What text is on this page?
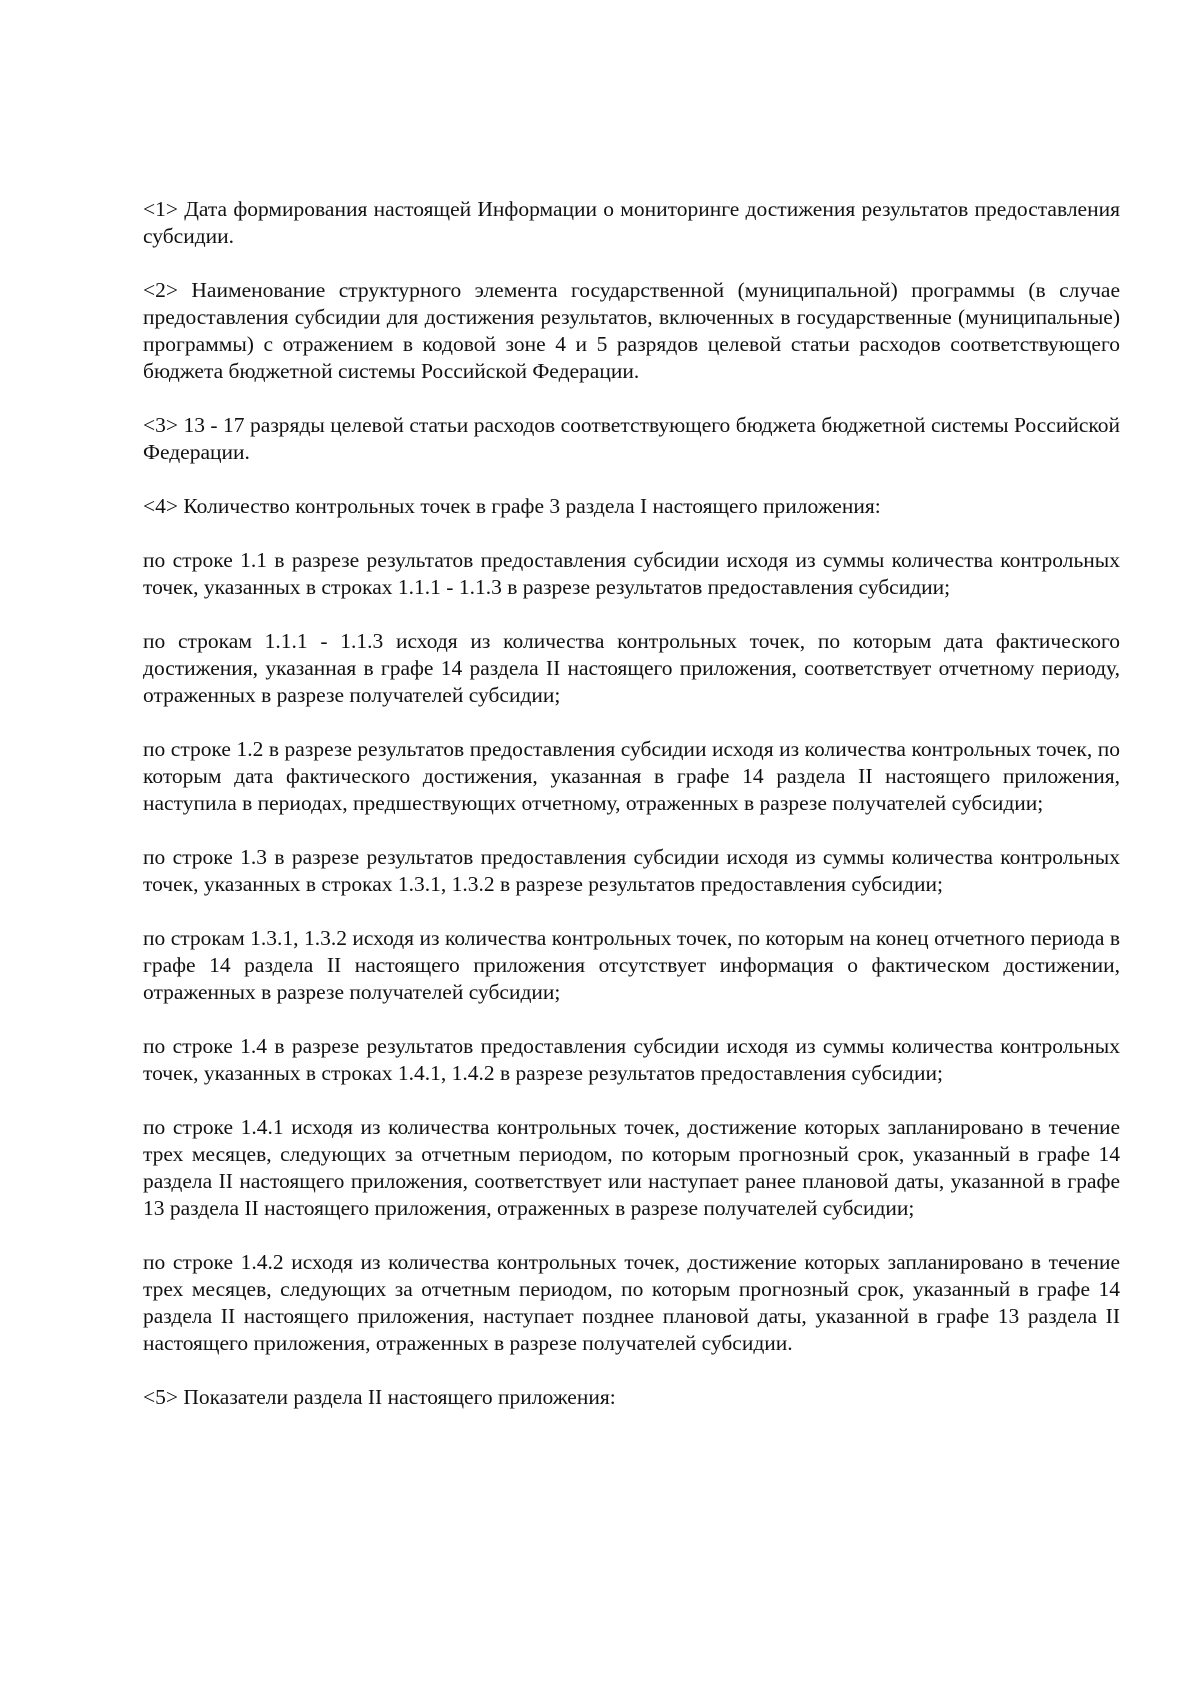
<1> Дата формирования настоящей Информации о мониторинге достижения результатов предоставления субсидии.

<2> Наименование структурного элемента государственной (муниципальной) программы (в случае предоставления субсидии для достижения результатов, включенных в государственные (муниципальные) программы) с отражением в кодовой зоне 4 и 5 разрядов целевой статьи расходов соответствующего бюджета бюджетной системы Российской Федерации.

<3> 13 - 17 разряды целевой статьи расходов соответствующего бюджета бюджетной системы Российской Федерации.

<4> Количество контрольных точек в графе 3 раздела I настоящего приложения:

по строке 1.1 в разрезе результатов предоставления субсидии исходя из суммы количества контрольных точек, указанных в строках 1.1.1 - 1.1.3 в разрезе результатов предоставления субсидии;

по строкам 1.1.1 - 1.1.3 исходя из количества контрольных точек, по которым дата фактического достижения, указанная в графе 14 раздела II настоящего приложения, соответствует отчетному периоду, отраженных в разрезе получателей субсидии;

по строке 1.2 в разрезе результатов предоставления субсидии исходя из количества контрольных точек, по которым дата фактического достижения, указанная в графе 14 раздела II настоящего приложения, наступила в периодах, предшествующих отчетному, отраженных в разрезе получателей субсидии;

по строке 1.3 в разрезе результатов предоставления субсидии исходя из суммы количества контрольных точек, указанных в строках 1.3.1, 1.3.2 в разрезе результатов предоставления субсидии;

по строкам 1.3.1, 1.3.2 исходя из количества контрольных точек, по которым на конец отчетного периода в графе 14 раздела II настоящего приложения отсутствует информация о фактическом достижении, отраженных в разрезе получателей субсидии;

по строке 1.4 в разрезе результатов предоставления субсидии исходя из суммы количества контрольных точек, указанных в строках 1.4.1, 1.4.2 в разрезе результатов предоставления субсидии;

по строке 1.4.1 исходя из количества контрольных точек, достижение которых запланировано в течение трех месяцев, следующих за отчетным периодом, по которым прогнозный срок, указанный в графе 14 раздела II настоящего приложения, соответствует или наступает ранее плановой даты, указанной в графе 13 раздела II настоящего приложения, отраженных в разрезе получателей субсидии;

по строке 1.4.2 исходя из количества контрольных точек, достижение которых запланировано в течение трех месяцев, следующих за отчетным периодом, по которым прогнозный срок, указанный в графе 14 раздела II настоящего приложения, наступает позднее плановой даты, указанной в графе 13 раздела II настоящего приложения, отраженных в разрезе получателей субсидии.

<5> Показатели раздела II настоящего приложения:
